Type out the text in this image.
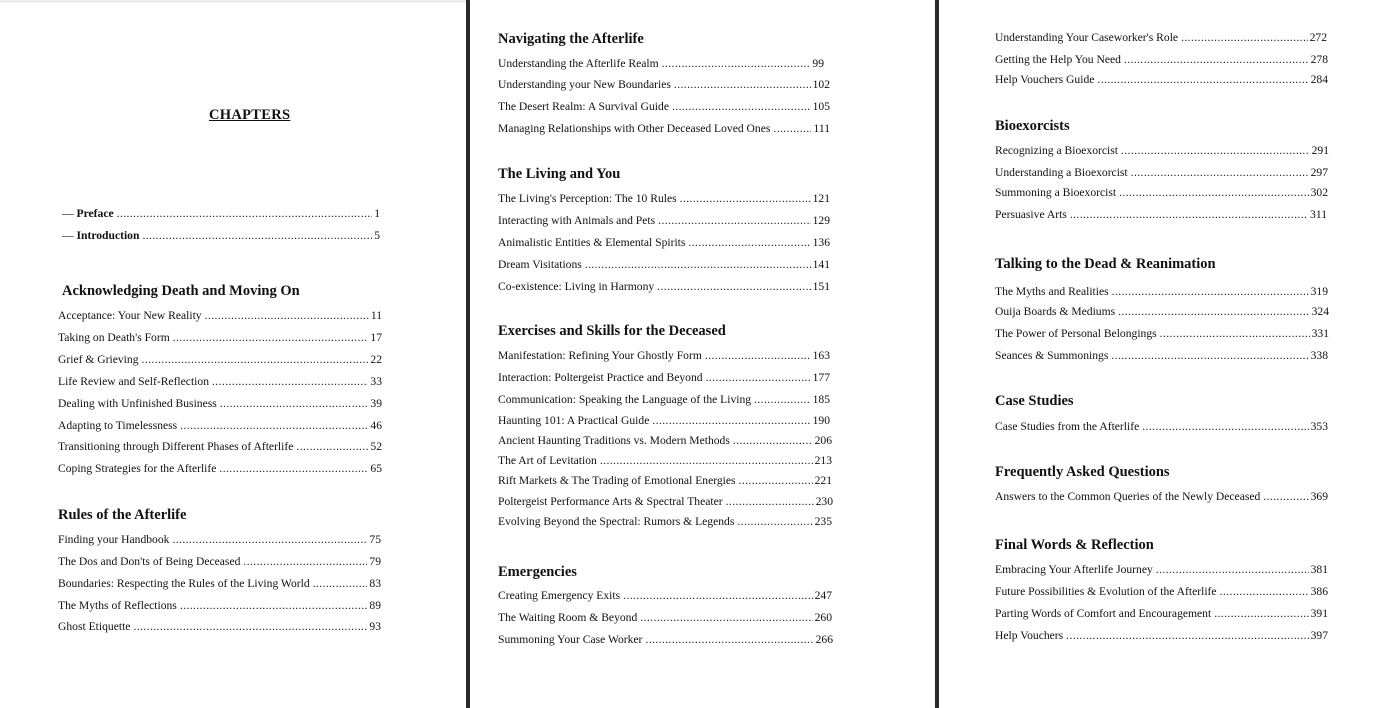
CHAPTERS
— Preface .....	1
— Introduction .....	5
Acknowledging Death and Moving On
Acceptance: Your New Reality .....	11
Taking on Death's Form .....	17
Grief & Grieving .....	22
Life Review and Self-Reflection .....	33
Dealing with Unfinished Business .....	39
Adapting to Timelessness .....	46
Transitioning through Different Phases of Afterlife .....	52
Coping Strategies for the Afterlife .....	65
Rules of the Afterlife
Finding your Handbook .....	75
The Dos and Don'ts of Being Deceased .....	79
Boundaries: Respecting the Rules of the Living World .....	83
The Myths of Reflections .....	89
Ghost Etiquette .....	93
Navigating the Afterlife
Understanding the Afterlife Realm .....	99
Understanding your New Boundaries .....	102
The Desert Realm: A Survival Guide .....	105
Managing Relationships with Other Deceased Loved Ones .....	111
The Living and You
The Living's Perception: The 10 Rules .....	121
Interacting with Animals and Pets .....	129
Animalistic Entities & Elemental Spirits .....	136
Dream Visitations .....	141
Co-existence: Living in Harmony .....	151
Exercises and Skills for the Deceased
Manifestation: Refining Your Ghostly Form .....	163
Interaction: Poltergeist Practice and Beyond .....	177
Communication: Speaking the Language of the Living .....	185
Haunting 101: A Practical Guide .....	190
Ancient Haunting Traditions vs. Modern Methods .....	206
The Art of Levitation .....	213
Rift Markets & The Trading of Emotional Energies .....	221
Poltergeist Performance Arts & Spectral Theater .....	230
Evolving Beyond the Spectral: Rumors & Legends .....	235
Emergencies
Creating Emergency Exits .....	247
The Waiting Room & Beyond .....	260
Summoning Your Case Worker .....	266
Understanding Your Caseworker's Role .....	272
Getting the Help You Need .....	278
Help Vouchers Guide .....	284
Bioexorcists
Recognizing a Bioexorcist .....	291
Understanding a Bioexorcist .....	297
Summoning a Bioexorcist .....	302
Persuasive Arts .....	311
Talking to the Dead & Reanimation
The Myths and Realities .....	319
Ouija Boards & Mediums .....	324
The Power of Personal Belongings .....	331
Seances & Summonings .....	338
Case Studies
Case Studies from the Afterlife .....	353
Frequently Asked Questions
Answers to the Common Queries of the Newly Deceased .....	369
Final Words & Reflection
Embracing Your Afterlife Journey .....	381
Future Possibilities & Evolution of the Afterlife .....	386
Parting Words of Comfort and Encouragement .....	391
Help Vouchers .....	397
